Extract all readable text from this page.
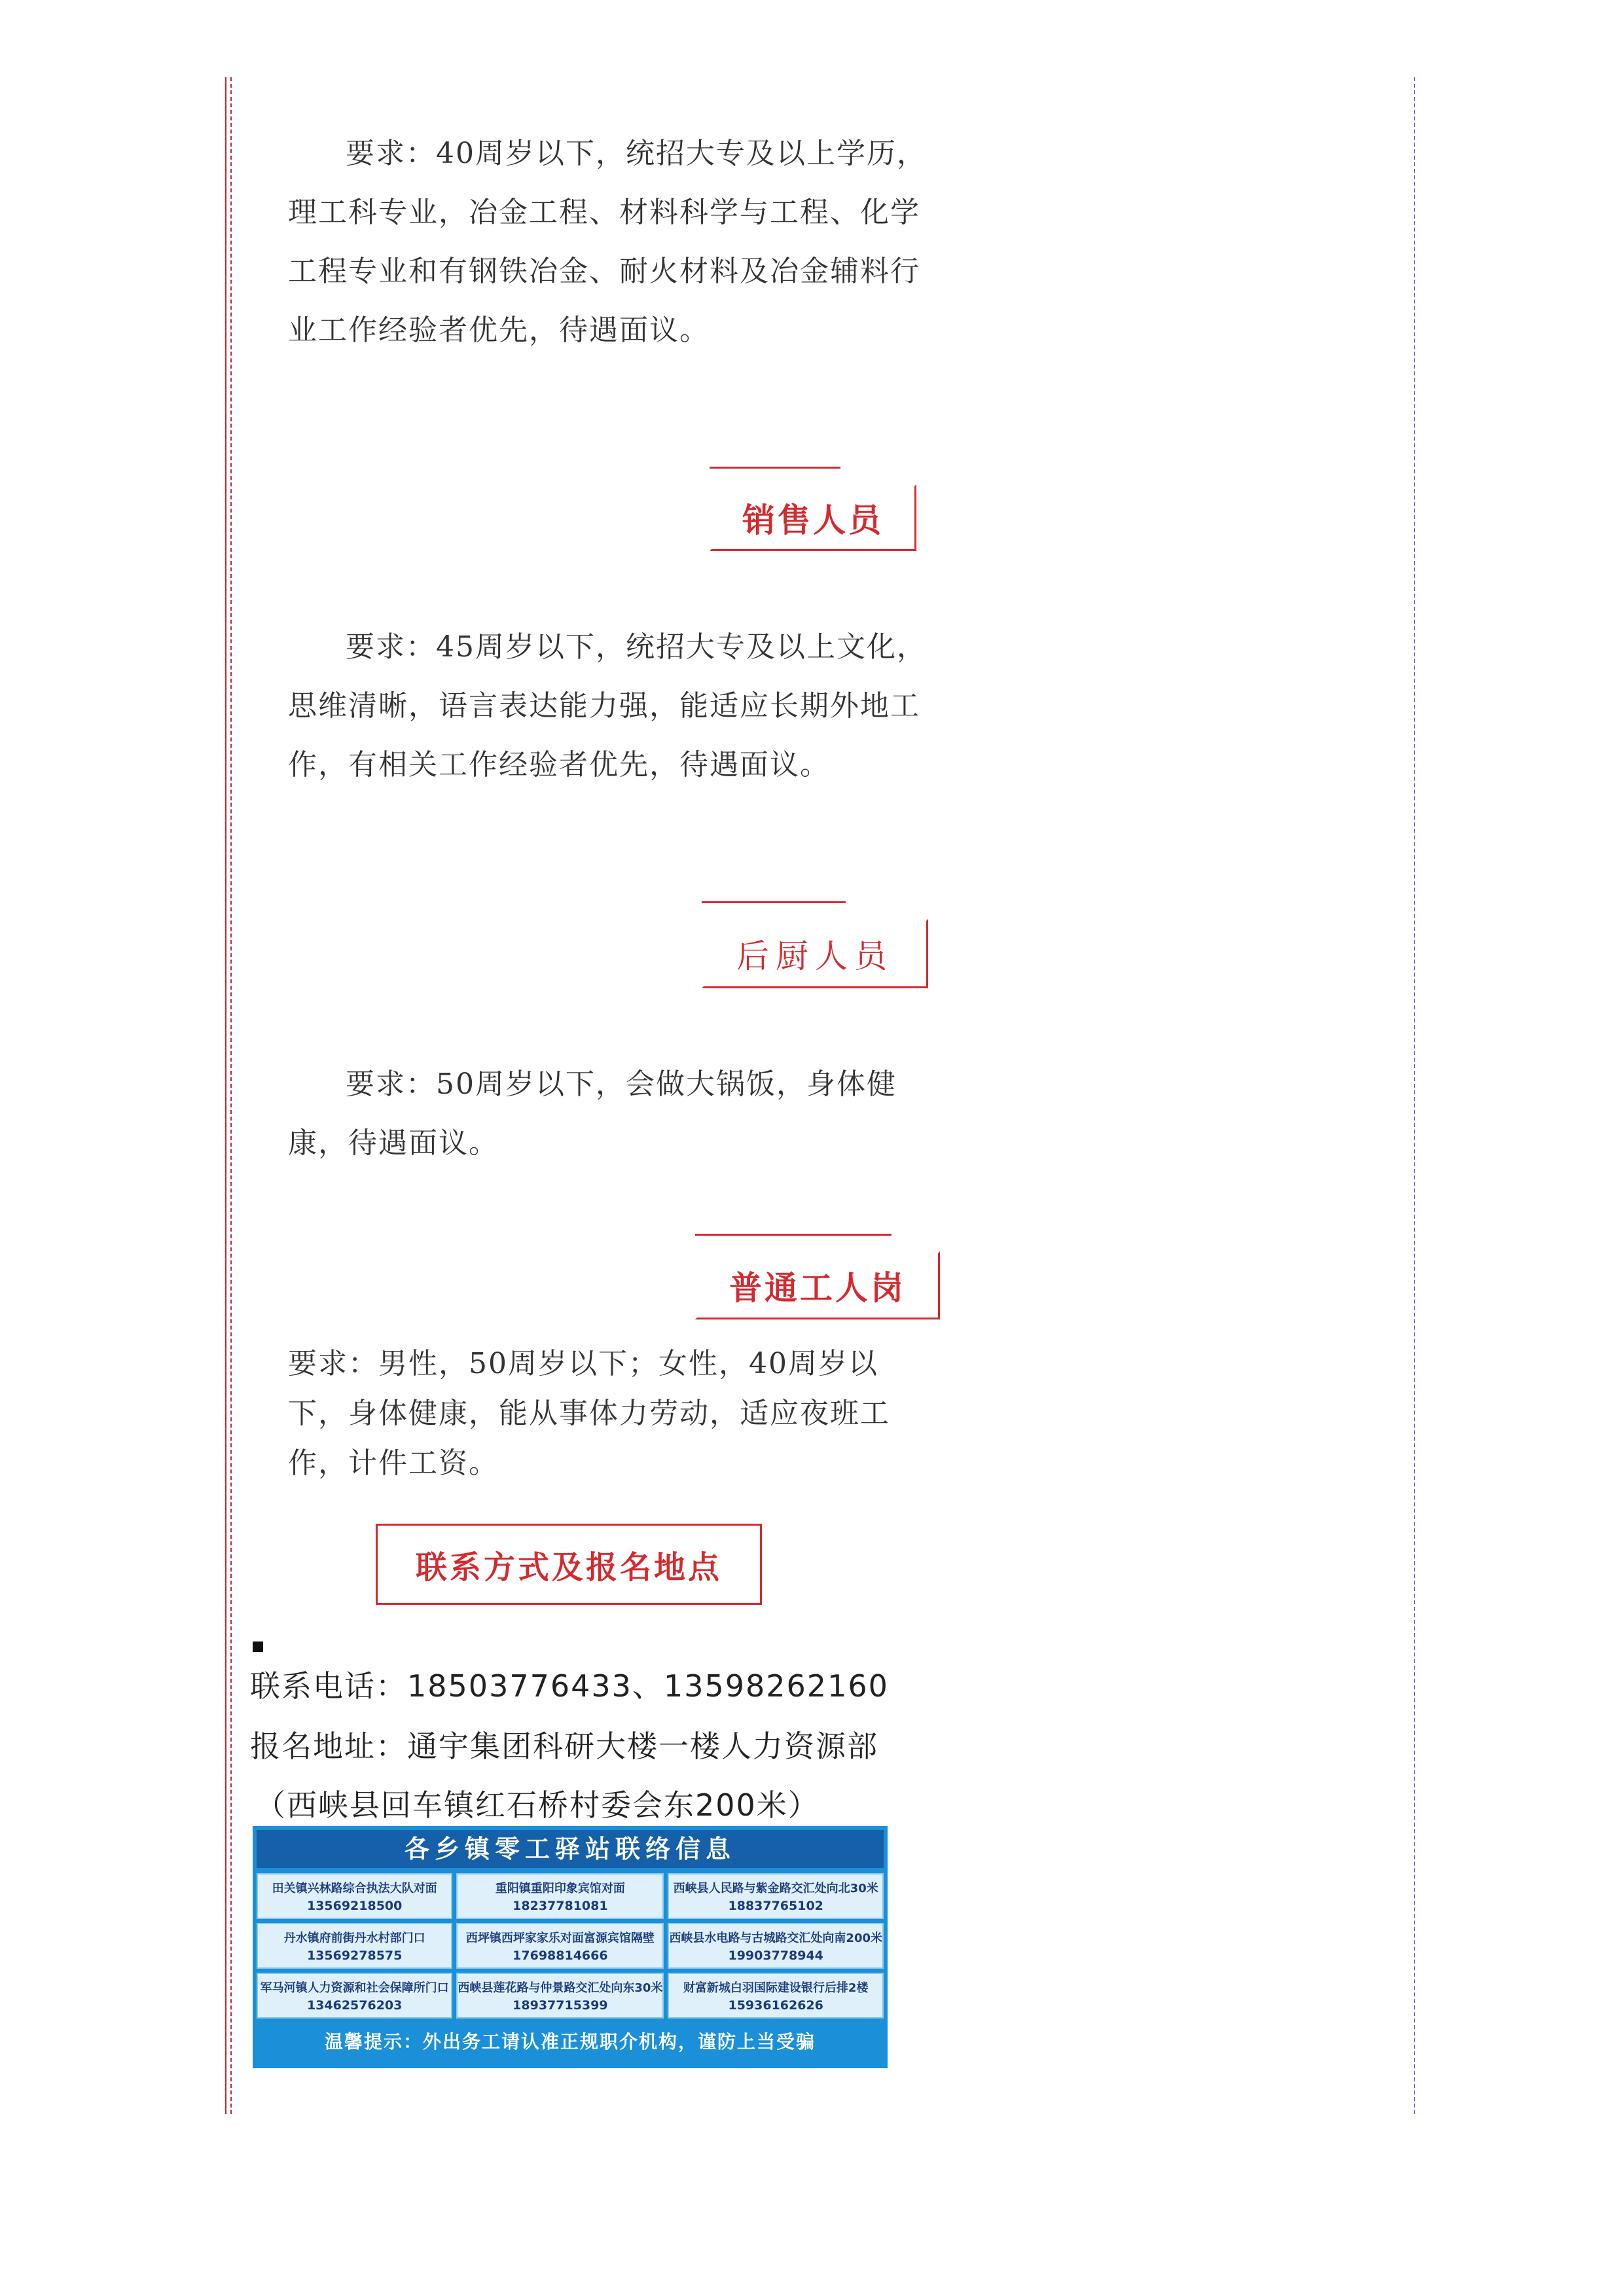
要求：40周岁以下，统招大专及以上学历，理工科专业，冶金工程、材料科学与工程、化学工程专业和有钢铁冶金、耐火材料及冶金辅料行业工作经验者优先，待遇面议。

销售人员

要求：45周岁以下，统招大专及以上文化，思维清晰，语言表达能力强，能适应长期外地工作，有相关工作经验者优先，待遇面议。

后厨人员

要求：50周岁以下，会做大锅饭，身体健康，待遇面议。

普通工人岗

要求：男性，50周岁以下；女性，40周岁以下，身体健康，能从事体力劳动，适应夜班工作，计件工资。

联系方式及报名地点
联系电话：18503776433、13598262160
报名地址：通宇集团科研大楼一楼人力资源部
（西峡县回车镇红石桥村委会东200米）
各乡镇零工驿站联络信息
田关镇兴林路综合执法大队对面
13569218500
重阳镇重阳印象宾馆对面
18237781081
西峡县人民路与紫金路交汇处向北30米
18837765102
丹水镇府前街丹水村部门口
13569278575
西坪镇西坪家家乐对面富源宾馆隔壁
17698814666
西峡县水电路与古城路交汇处向南200米
19903778944
军马河镇人力资源和社会保障所门口
13462576203
西峡县莲花路与仲景路交汇处向东30米
18937715399
财富新城白羽国际建设银行后排2楼
15936162626
温馨提示：外出务工请认准正规职介机构，谨防上当受骗
